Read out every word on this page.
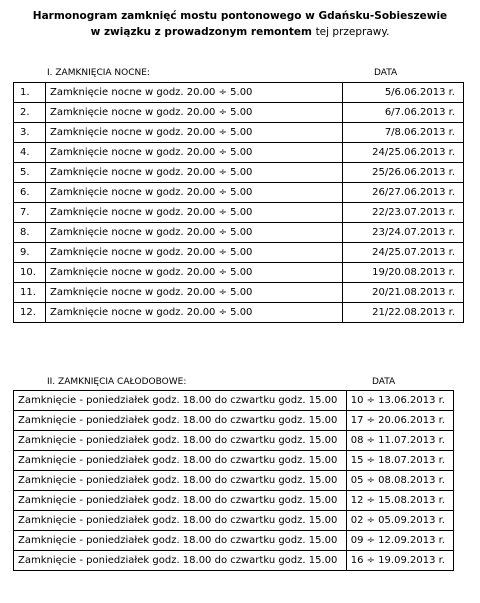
Harmonogram zamknięć mostu pontonowego w Gdańsku-Sobieszewie
w związku z prowadzonym remontem tej przeprawy.
I. ZAMKNIĘCIA NOCNE:	DATA
1.	Zamknięcie nocne w godz. 20.00 ÷ 5.00	5/6.06.2013 r.
2.	Zamknięcie nocne w godz. 20.00 ÷ 5.00	6/7.06.2013 r.
3.	Zamknięcie nocne w godz. 20.00 ÷ 5.00	7/8.06.2013 r.
4.	Zamknięcie nocne w godz. 20.00 ÷ 5.00	24/25.06.2013 r.
5.	Zamknięcie nocne w godz. 20.00 ÷ 5.00	25/26.06.2013 r.
6.	Zamknięcie nocne w godz. 20.00 ÷ 5.00	26/27.06.2013 r.
7.	Zamknięcie nocne w godz. 20.00 ÷ 5.00	22/23.07.2013 r.
8.	Zamknięcie nocne w godz. 20.00 ÷ 5.00	23/24.07.2013 r.
9.	Zamknięcie nocne w godz. 20.00 ÷ 5.00	24/25.07.2013 r.
10.	Zamknięcie nocne w godz. 20.00 ÷ 5.00	19/20.08.2013 r.
11.	Zamknięcie nocne w godz. 20.00 ÷ 5.00	20/21.08.2013 r.
12.	Zamknięcie nocne w godz. 20.00 ÷ 5.00	21/22.08.2013 r.
II. ZAMKNIĘCIA CAŁODOBOWE:	DATA
Zamknięcie - poniedziałek godz. 18.00 do czwartku godz. 15.00	10 ÷ 13.06.2013 r.
Zamknięcie - poniedziałek godz. 18.00 do czwartku godz. 15.00	17 ÷ 20.06.2013 r.
Zamknięcie - poniedziałek godz. 18.00 do czwartku godz. 15.00	08 ÷ 11.07.2013 r.
Zamknięcie - poniedziałek godz. 18.00 do czwartku godz. 15.00	15 ÷ 18.07.2013 r.
Zamknięcie - poniedziałek godz. 18.00 do czwartku godz. 15.00	05 ÷ 08.08.2013 r.
Zamknięcie - poniedziałek godz. 18.00 do czwartku godz. 15.00	12 ÷ 15.08.2013 r.
Zamknięcie - poniedziałek godz. 18.00 do czwartku godz. 15.00	02 ÷ 05.09.2013 r.
Zamknięcie - poniedziałek godz. 18.00 do czwartku godz. 15.00	09 ÷ 12.09.2013 r.
Zamknięcie - poniedziałek godz. 18.00 do czwartku godz. 15.00	16 ÷ 19.09.2013 r.
